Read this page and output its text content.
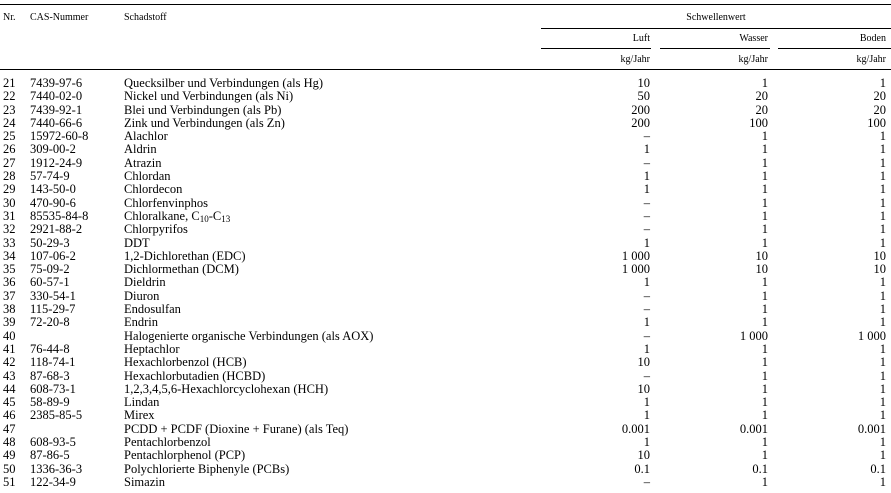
Nr. CAS-Nummer	Schadstoff	Schwellenwert
Luft	Wasser	Boden
kg/Jahr	kg/Jahr	kg/Jahr
21 7439-97-6	Quecksilber und Verbindungen (als Hg)	10	1	1
22 7440-02-0	Nickel und Verbindungen (als Ni)	50	20	20
23 7439-92-1	Blei und Verbindungen (als Pb)	200	20	20
24 7440-66-6	Zink und Verbindungen (als Zn)	200	100	100
25 15972-60-8	Alachlor	–	1	1
26 309-00-2	Aldrin	1	1	1
27 1912-24-9	Atrazin	–	1	1
28 57-74-9	Chlordan	1	1	1
29 143-50-0	Chlordecon	1	1	1
30 470-90-6	Chlorfenvinphos	–	1	1
31 85535-84-8	Chloralkane, $C_{10}-C_{13}$	–	1	1
32 2921-88-2	Chlorpyrifos	–	1	1
33 50-29-3	DDT	1	1	1
34 107-06-2	1,2-Dichlorethan (EDC)	1 000	10	10
35 75-09-2	Dichlormethan (DCM)	1 000	10	10
36 60-57-1	Dieldrin	1	1	1
37 330-54-1	Diuron	–	1	1
38 115-29-7	Endosulfan	–	1	1
39 72-20-8	Endrin	1	1	1
40	Halogenierte organische Verbindungen (als AOX)	–	1 000	1 000
41 76-44-8	Heptachlor	1	1	1
42 118-74-1	Hexachlorbenzol (HCB)	10	1	1
43 87-68-3	Hexachlorbutadien (HCBD)	–	1	1
44 608-73-1	1,2,3,4,5,6-Hexachlorcyclohexan (HCH)	10	1	1
45 58-89-9	Lindan	1	1	1
46 2385-85-5	Mirex	1	1	1
47	PCDD + PCDF (Dioxine + Furane) (als Teq)	0.001	0.001	0.001
48 608-93-5	Pentachlorbenzol	1	1	1
49 87-86-5	Pentachlorphenol (PCP)	10	1	1
50 1336-36-3	Polychlorierte Biphenyle (PCBs)	0.1	0.1	0.1
51 122-34-9	Simazin	–	1	1
